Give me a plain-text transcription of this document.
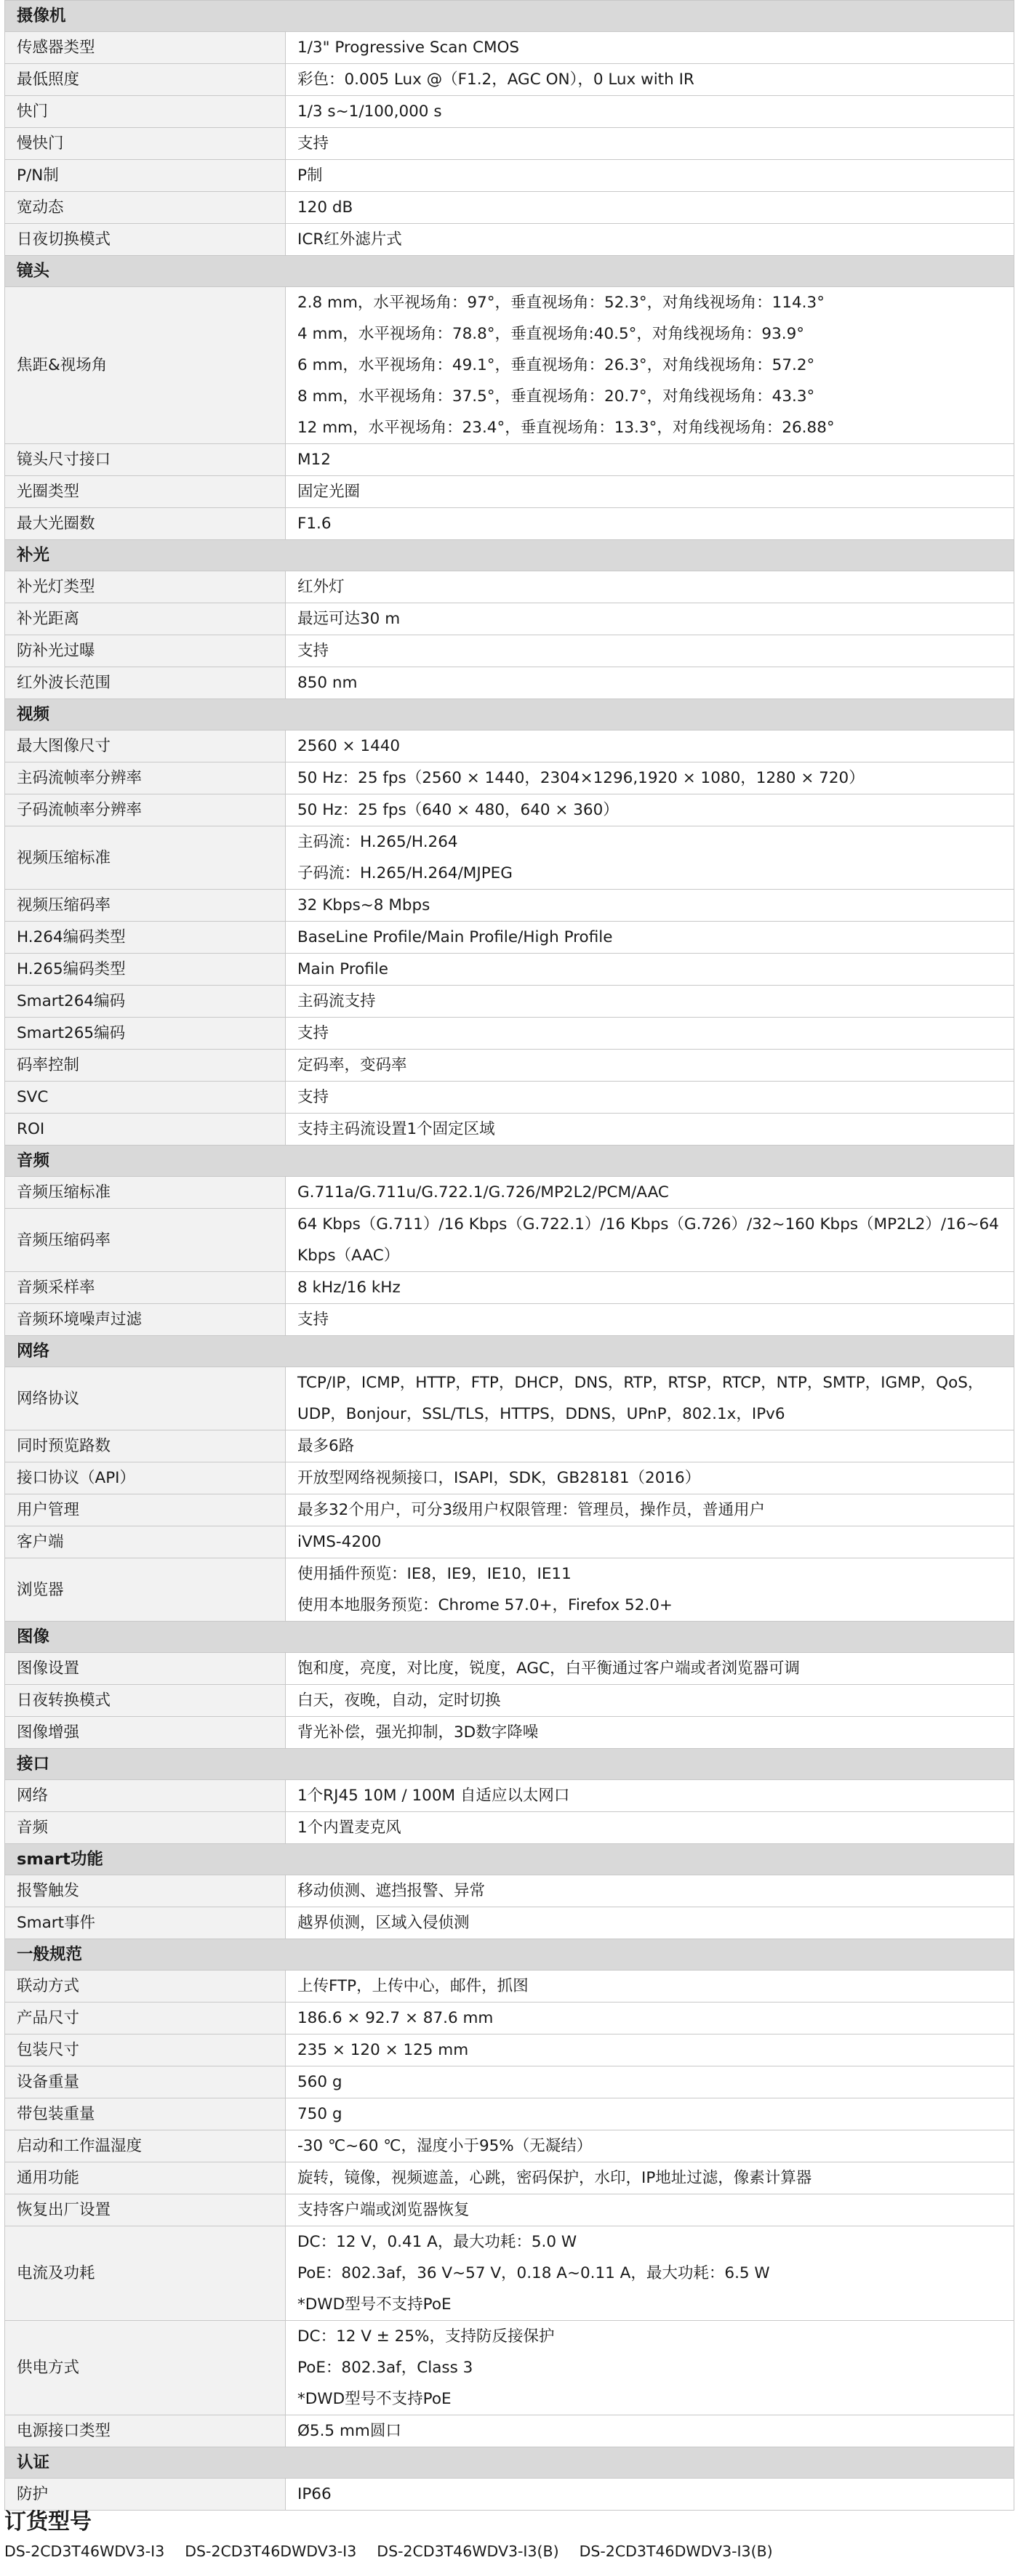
摄像机	
传感器类型	1/3" Progressive Scan CMOS

最低照度	彩色：0.005 Lux @（F1.2，AGC ON），0 Lux with IR

快门	1/3 s~1/100,000 s

慢快门	支持

P/N制	P制

宽动态	120 dB

日夜切换模式	ICR红外滤片式

镜头	
焦距&视场角	2.8 mm，水平视场角：97°，垂直视场角：52.3°，对角线视场角：114.3°
4 mm，水平视场角：78.8°，垂直视场角:40.5°，对角线视场角：93.9°
6 mm，水平视场角：49.1°，垂直视场角：26.3°，对角线视场角：57.2°
8 mm，水平视场角：37.5°，垂直视场角：20.7°，对角线视场角：43.3°
12 mm，水平视场角：23.4°，垂直视场角：13.3°，对角线视场角：26.88°

镜头尺寸接口	M12

光圈类型	固定光圈

最大光圈数	F1.6

补光	
补光灯类型	红外灯

补光距离	最远可达30 m

防补光过曝	支持

红外波长范围	850 nm

视频	
最大图像尺寸	2560 × 1440

主码流帧率分辨率	50 Hz：25 fps（2560 × 1440，2304×1296,1920 × 1080，1280 × 720）

子码流帧率分辨率	50 Hz：25 fps（640 × 480，640 × 360）

视频压缩标准	主码流：H.265/H.264
子码流：H.265/H.264/MJPEG

视频压缩码率	32 Kbps~8 Mbps

H.264编码类型	BaseLine Profile/Main Profile/High Profile

H.265编码类型	Main Profile

Smart264编码	主码流支持

Smart265编码	支持

码率控制	定码率，变码率

SVC	支持

ROI	支持主码流设置1个固定区域

音频	
音频压缩标准	G.711a/G.711u/G.722.1/G.726/MP2L2/PCM/AAC

音频压缩码率	64 Kbps（G.711）/16 Kbps（G.722.1）/16 Kbps（G.726）/32~160 Kbps（MP2L2）/16~64
Kbps（AAC）

音频采样率	8 kHz/16 kHz

音频环境噪声过滤	支持

网络	
网络协议	TCP/IP，ICMP，HTTP，FTP，DHCP，DNS，RTP，RTSP，RTCP，NTP，SMTP，IGMP，QoS，
UDP，Bonjour，SSL/TLS，HTTPS，DDNS，UPnP，802.1x，IPv6

同时预览路数	最多6路

接口协议（API）	开放型网络视频接口，ISAPI，SDK，GB28181（2016）

用户管理	最多32个用户，可分3级用户权限管理：管理员，操作员，普通用户

客户端	iVMS-4200

浏览器	使用插件预览：IE8，IE9，IE10，IE11
使用本地服务预览：Chrome 57.0+，Firefox 52.0+

图像	
图像设置	饱和度，亮度，对比度，锐度，AGC，白平衡通过客户端或者浏览器可调

日夜转换模式	白天，夜晚，自动，定时切换

图像增强	背光补偿，强光抑制，3D数字降噪

接口	
网络	1个RJ45 10M / 100M 自适应以太网口

音频	1个内置麦克风

smart功能	
报警触发	移动侦测、遮挡报警、异常

Smart事件	越界侦测，区域入侵侦测

一般规范	
联动方式	上传FTP，上传中心，邮件，抓图

产品尺寸	186.6 × 92.7 × 87.6 mm

包装尺寸	235 × 120 × 125 mm

设备重量	560 g

带包装重量	750 g

启动和工作温湿度	-30 ℃~60 ℃，湿度小于95%（无凝结）

通用功能	旋转，镜像，视频遮盖，心跳，密码保护，水印，IP地址过滤，像素计算器

恢复出厂设置	支持客户端或浏览器恢复

电流及功耗	DC：12 V，0.41 A，最大功耗：5.0 W
PoE：802.3af，36 V~57 V，0.18 A~0.11 A，最大功耗：6.5 W
*DWD型号不支持PoE

供电方式	DC：12 V ± 25%，支持防反接保护
PoE：802.3af，Class 3
*DWD型号不支持PoE

电源接口类型	Ø5.5 mm圆口

认证	
防护	IP66
订货型号
DS-2CD3T46WDV3-I3 DS-2CD3T46DWDV3-I3 DS-2CD3T46WDV3-I3(B) DS-2CD3T46DWDV3-I3(B)
